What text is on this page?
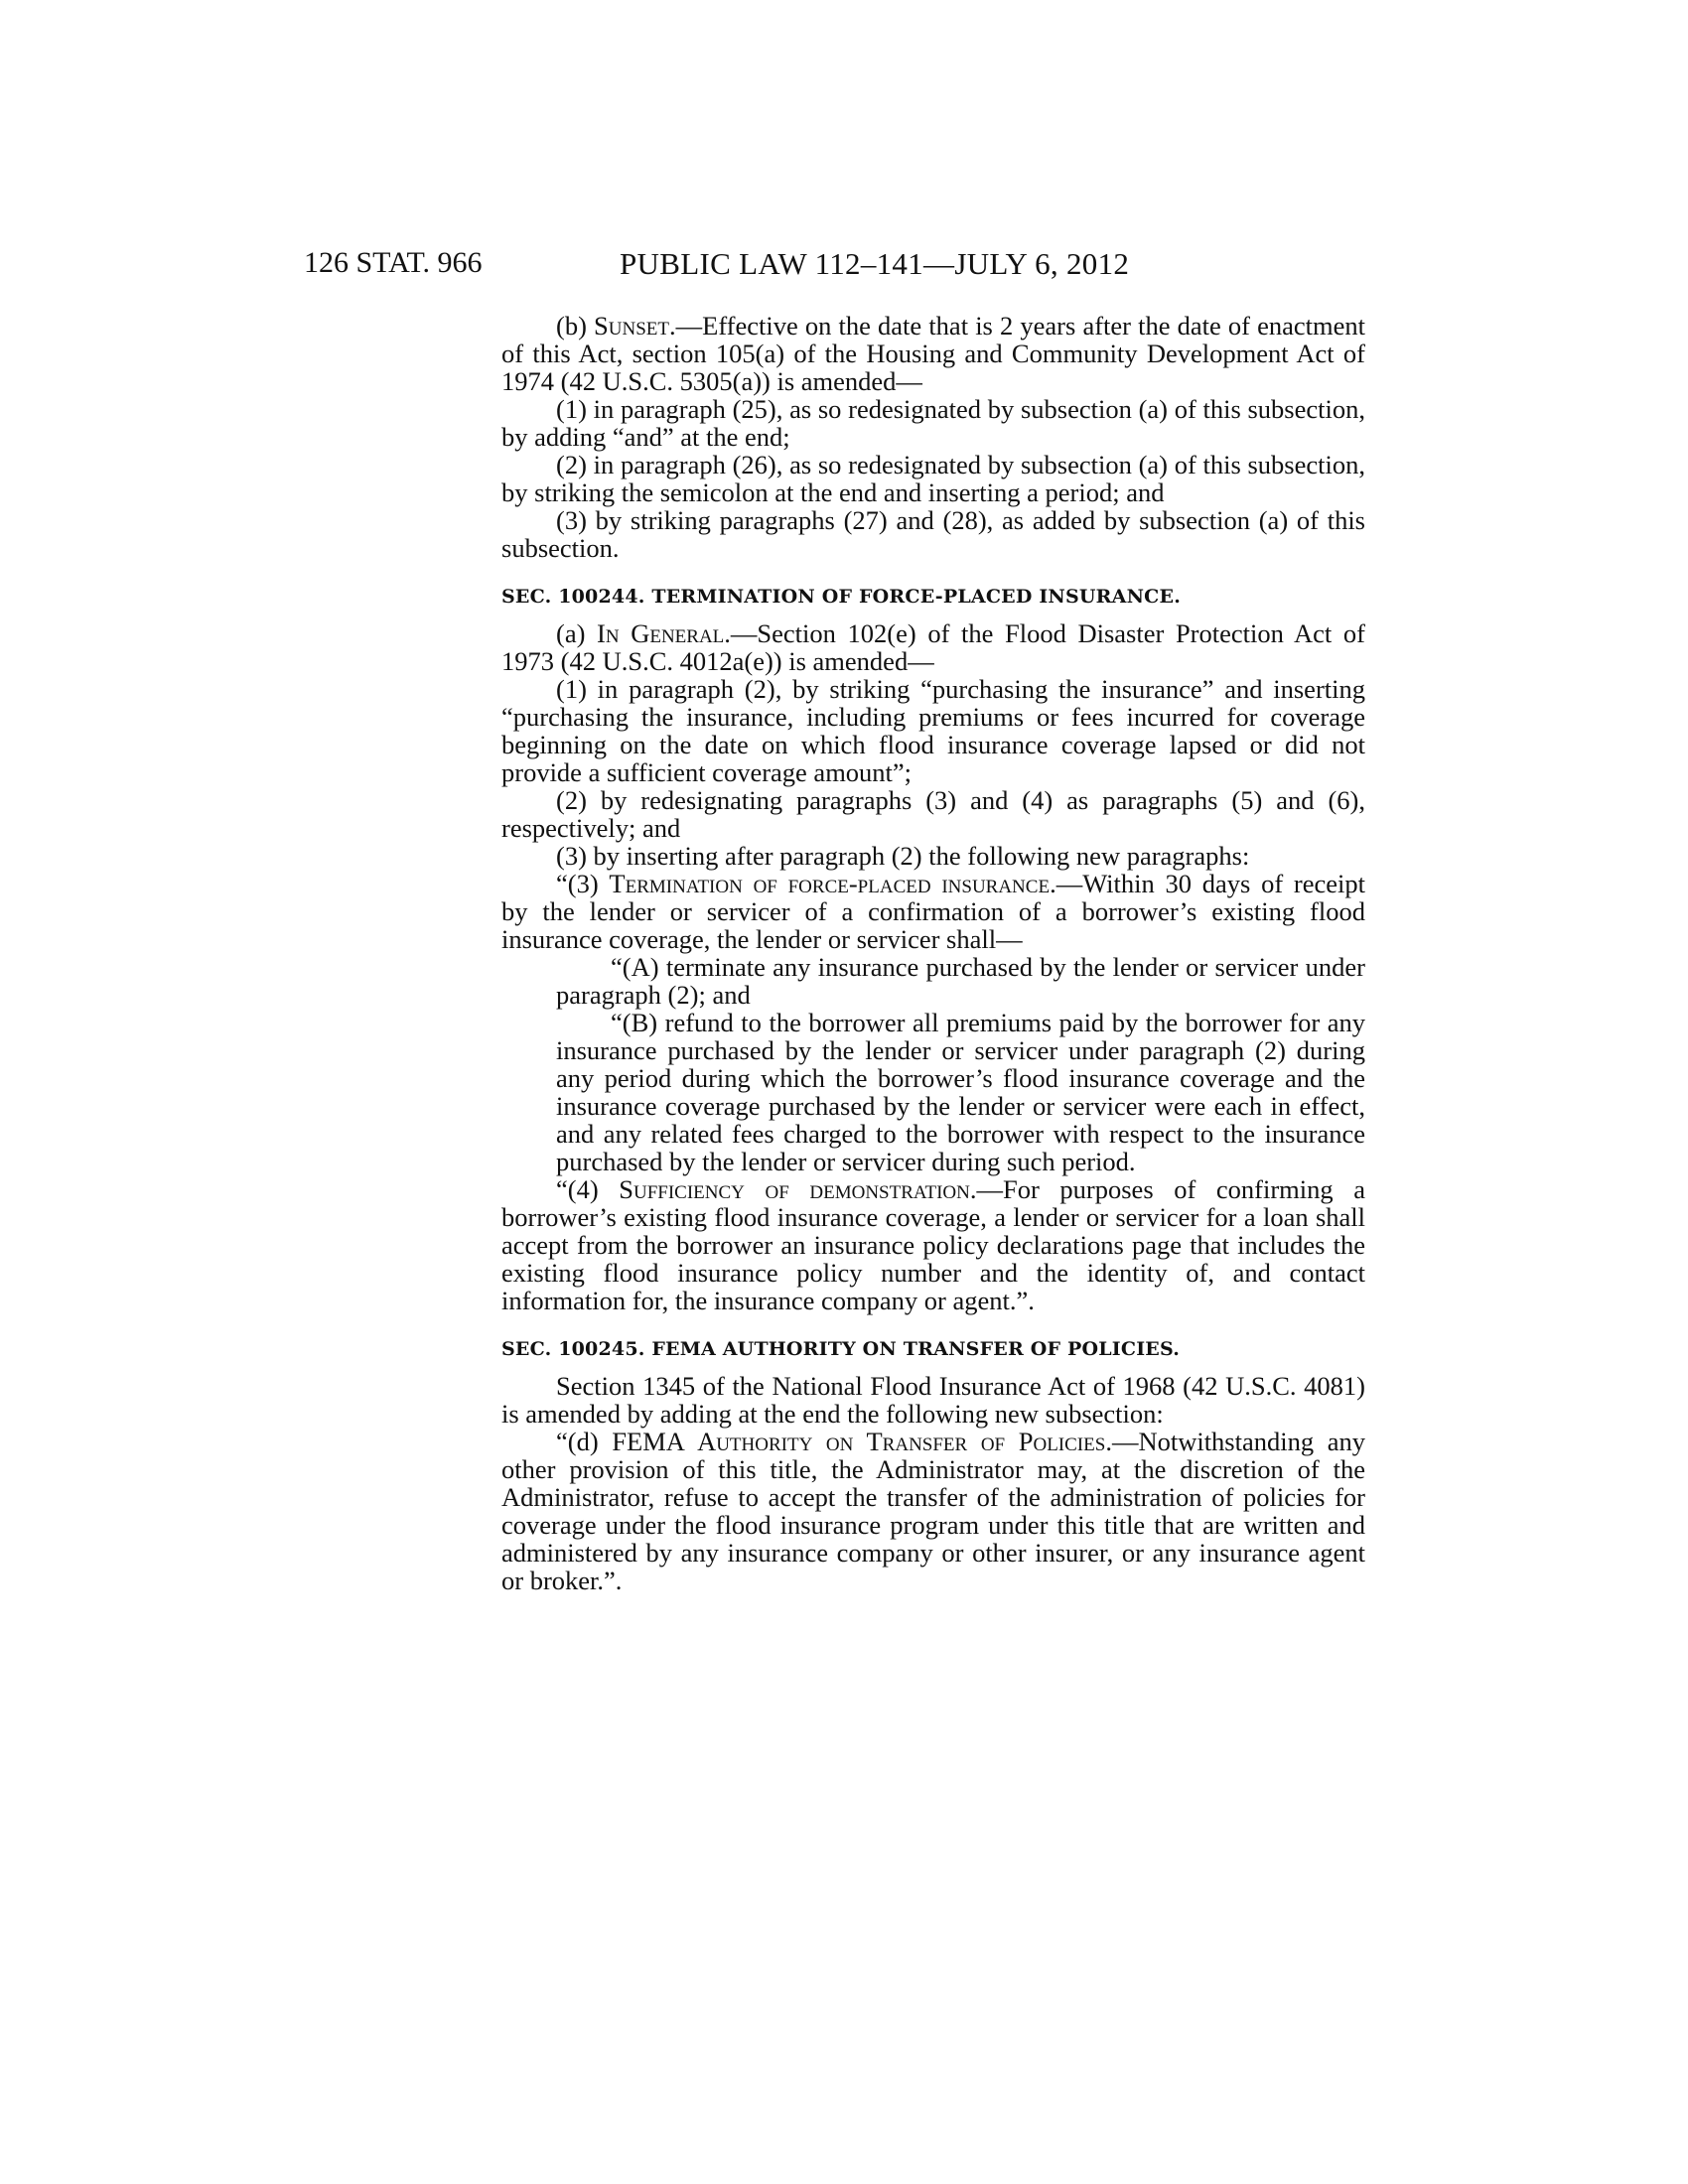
126 STAT. 966	PUBLIC LAW 112–141—JULY 6, 2012

(b) Sunset.—Effective on the date that is 2 years after the date of enactment of this Act, section 105(a) of the Housing and Community Development Act of 1974 (42 U.S.C. 5305(a)) is amended—

(1) in paragraph (25), as so redesignated by subsection (a) of this subsection, by adding “and” at the end;

(2) in paragraph (26), as so redesignated by subsection (a) of this subsection, by striking the semicolon at the end and inserting a period; and

(3) by striking paragraphs (27) and (28), as added by subsection (a) of this subsection.

SEC. 100244. TERMINATION OF FORCE-PLACED INSURANCE.

(a) In General.—Section 102(e) of the Flood Disaster Protection Act of 1973 (42 U.S.C. 4012a(e)) is amended—

(1) in paragraph (2), by striking “purchasing the insurance” and inserting “purchasing the insurance, including premiums or fees incurred for coverage beginning on the date on which flood insurance coverage lapsed or did not provide a sufficient coverage amount”;

(2) by redesignating paragraphs (3) and (4) as paragraphs (5) and (6), respectively; and

(3) by inserting after paragraph (2) the following new paragraphs:

“(3) Termination of force-placed insurance.—Within 30 days of receipt by the lender or servicer of a confirmation of a borrower’s existing flood insurance coverage, the lender or servicer shall—

“(A) terminate any insurance purchased by the lender or servicer under paragraph (2); and

“(B) refund to the borrower all premiums paid by the borrower for any insurance purchased by the lender or servicer under paragraph (2) during any period during which the borrower’s flood insurance coverage and the insurance coverage purchased by the lender or servicer were each in effect, and any related fees charged to the borrower with respect to the insurance purchased by the lender or servicer during such period.

“(4) Sufficiency of demonstration.—For purposes of confirming a borrower’s existing flood insurance coverage, a lender or servicer for a loan shall accept from the borrower an insurance policy declarations page that includes the existing flood insurance policy number and the identity of, and contact information for, the insurance company or agent.”.

SEC. 100245. FEMA AUTHORITY ON TRANSFER OF POLICIES.

Section 1345 of the National Flood Insurance Act of 1968 (42 U.S.C. 4081) is amended by adding at the end the following new subsection:

“(d) FEMA Authority on Transfer of Policies.—Notwithstanding any other provision of this title, the Administrator may, at the discretion of the Administrator, refuse to accept the transfer of the administration of policies for coverage under the flood insurance program under this title that are written and administered by any insurance company or other insurer, or any insurance agent or broker.”.
